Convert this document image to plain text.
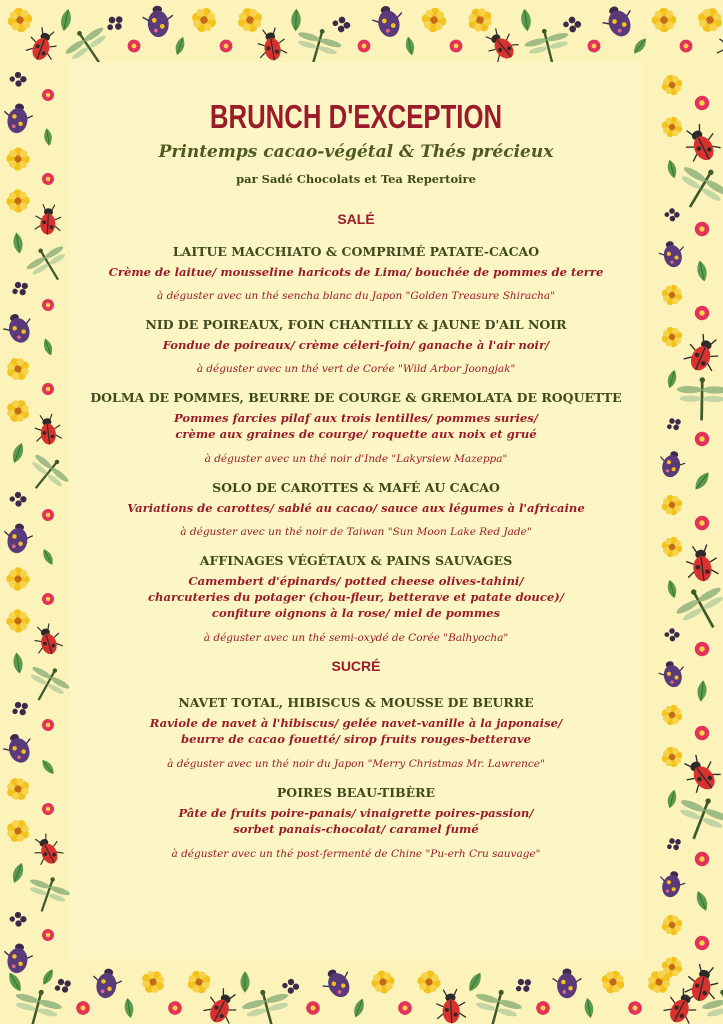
BRUNCH D'EXCEPTION
Printemps cacao-végétal & Thés précieux
par Sadé Chocolats et Tea Repertoire
SALÉ
LAITUE MACCHIATO & COMPRIMÉ PATATE-CACAO
Crème de laitue/ mousseline haricots de Lima/ bouchée de pommes de terre
à déguster avec un thé sencha blanc du Japon "Golden Treasure Shiracha"
NID DE POIREAUX, FOIN CHANTILLY & JAUNE D'AIL NOIR
Fondue de poireaux/ crème céleri-foin/ ganache à l'air noir/
à déguster avec un thé vert de Corée "Wild Arbor Joongjak"
DOLMA DE POMMES, BEURRE DE COURGE & GREMOLATA DE ROQUETTE
Pommes farcies pilaf aux trois lentilles/ pommes suries/
crème aux graines de courge/ roquette aux noix et grué
à déguster avec un thé noir d'Inde "Lakyrsiew Mazeppa"
SOLO DE CAROTTES & MAFÉ AU CACAO
Variations de carottes/ sablé au cacao/ sauce aux légumes à l'africaine
à déguster avec un thé noir de Taiwan "Sun Moon Lake Red Jade"
AFFINAGES VÉGÉTAUX & PAINS SAUVAGES
Camembert d'épinards/ potted cheese olives-tahini/
charcuteries du potager (chou-fleur, betterave et patate douce)/
confiture oignons à la rose/ miel de pommes
à déguster avec un thé semi-oxydé de Corée "Balhyocha"
SUCRÉ
NAVET TOTAL, HIBISCUS & MOUSSE DE BEURRE
Raviole de navet à l'hibiscus/ gelée navet-vanille à la japonaise/
beurre de cacao fouetté/ sirop fruits rouges-betterave
à déguster avec un thé noir du Japon "Merry Christmas Mr. Lawrence"
POIRES BEAU-TIBÈRE
Pâte de fruits poire-panais/ vinaigrette poires-passion/
sorbet panais-chocolat/ caramel fumé
à déguster avec un thé post-fermenté de Chine "Pu-erh Cru sauvage"
